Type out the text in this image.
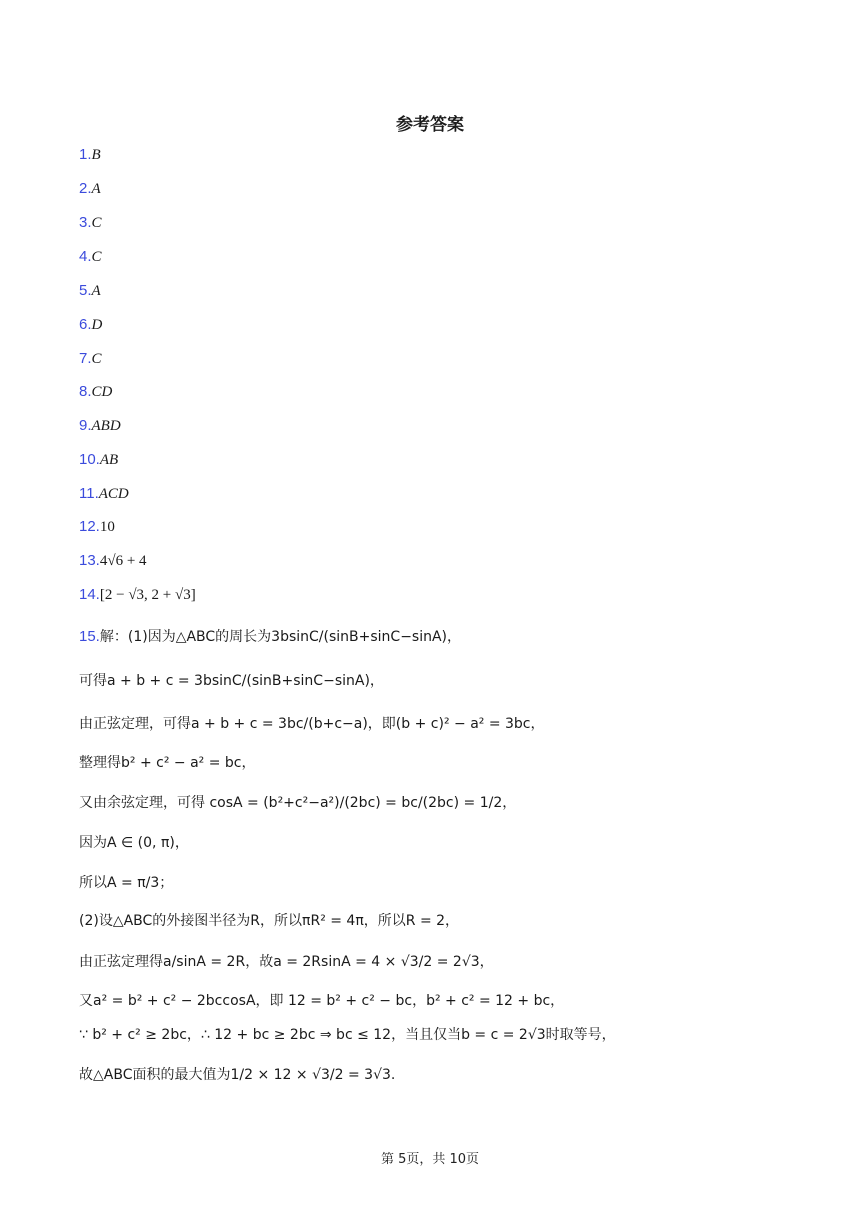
参考答案
1.B
2.A
3.C
4.C
5.A
6.D
7.C
8.CD
9.ABD
10.AB
11.ACD
12.10
13.4√6 + 4
14.[2 − √3, 2 + √3]
15.解：(1)因为△ABC的周长为3bsinC/(sinB+sinC−sinA)，
可得a + b + c = 3bsinC/(sinB+sinC−sinA)，
由正弦定理，可得a + b + c = 3bc/(b+c−a)，即(b + c)² − a² = 3bc，
整理得b² + c² − a² = bc，
又由余弦定理，可得 cosA = (b²+c²−a²)/(2bc) = bc/(2bc) = 1/2，
因为A ∈ (0, π)，
所以A = π/3；
(2)设△ABC的外接图半径为R，所以πR² = 4π，所以R = 2，
由正弦定理得a/sinA = 2R，故a = 2RsinA = 4 × √3/2 = 2√3，
又a² = b² + c² − 2bccosA，即 12 = b² + c² − bc，b² + c² = 12 + bc，
∵ b² + c² ≥ 2bc，∴ 12 + bc ≥ 2bc ⇒ bc ≤ 12，当且仅当b = c = 2√3时取等号，
故△ABC面积的最大值为1/2 × 12 × √3/2 = 3√3.
第 5页，共 10页
